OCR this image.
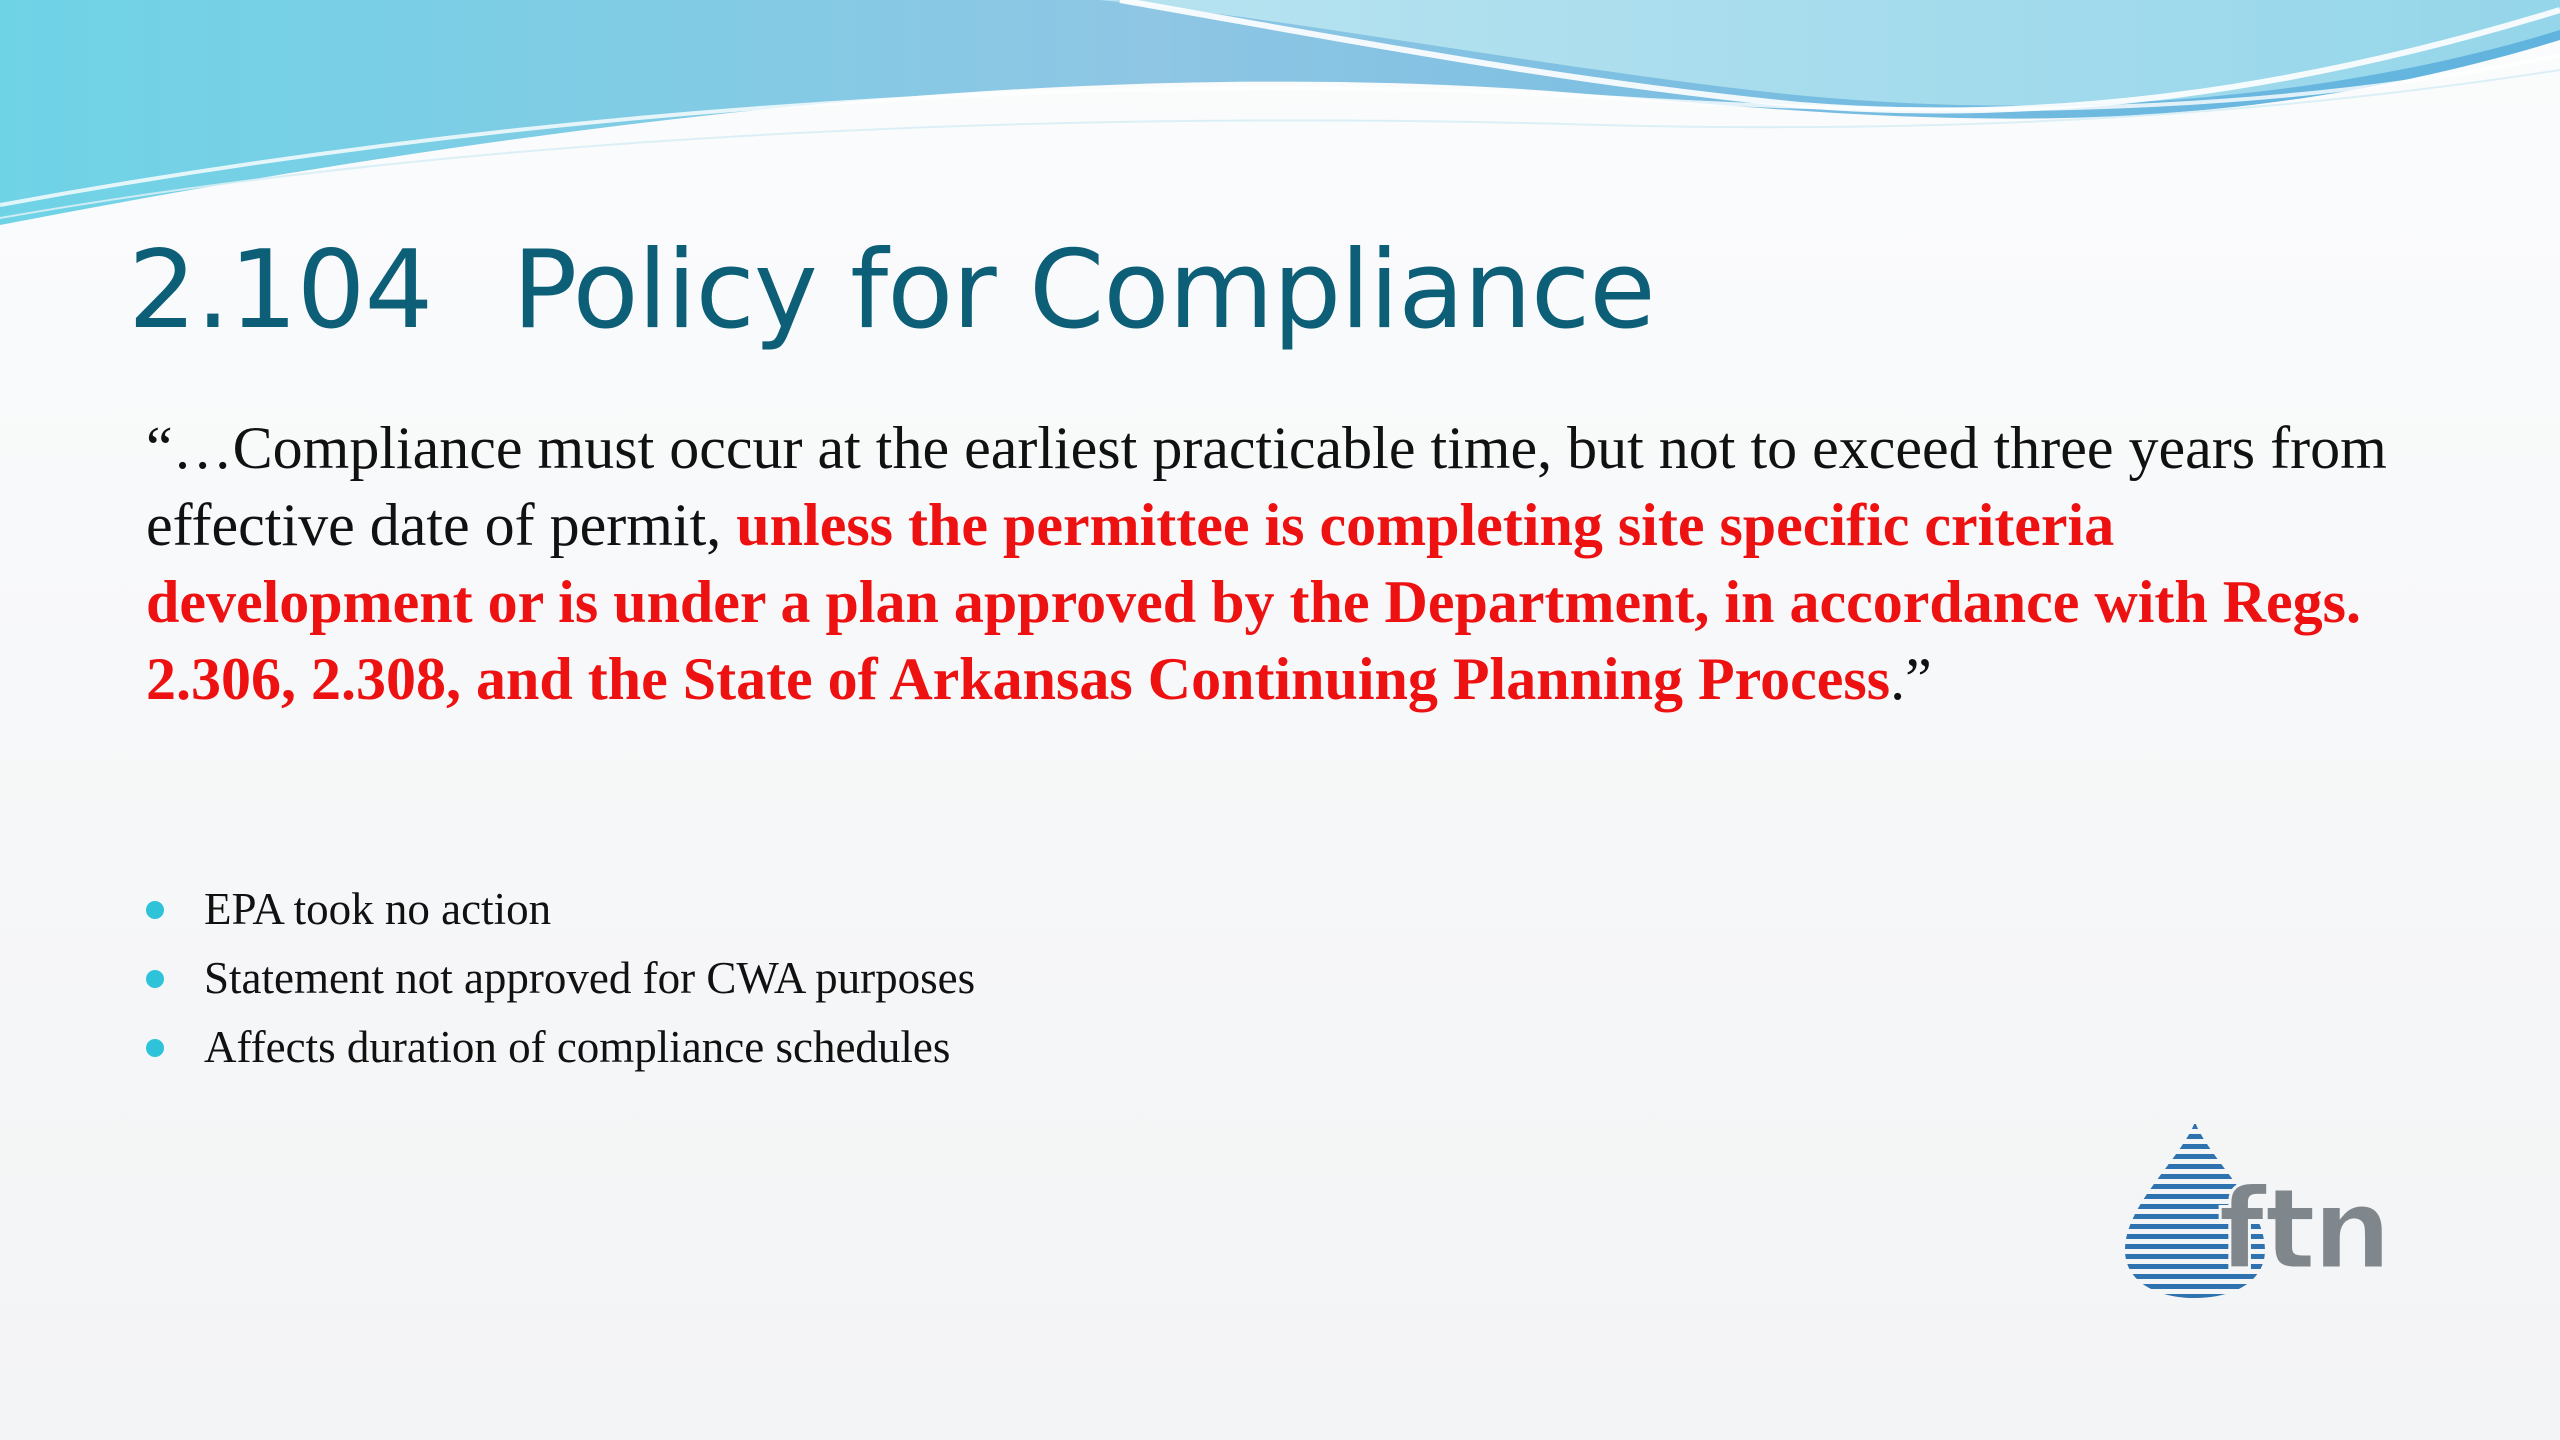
2.104 Policy for Compliance

“…Compliance must occur at the earliest practicable time, but not to exceed three years from effective date of permit, unless the permittee is completing site specific criteria development or is under a plan approved by the Department, in accordance with Regs. 2.306, 2.308, and the State of Arkansas Continuing Planning Process.”

EPA took no action
Statement not approved for CWA purposes
Affects duration of compliance schedules
ftn
